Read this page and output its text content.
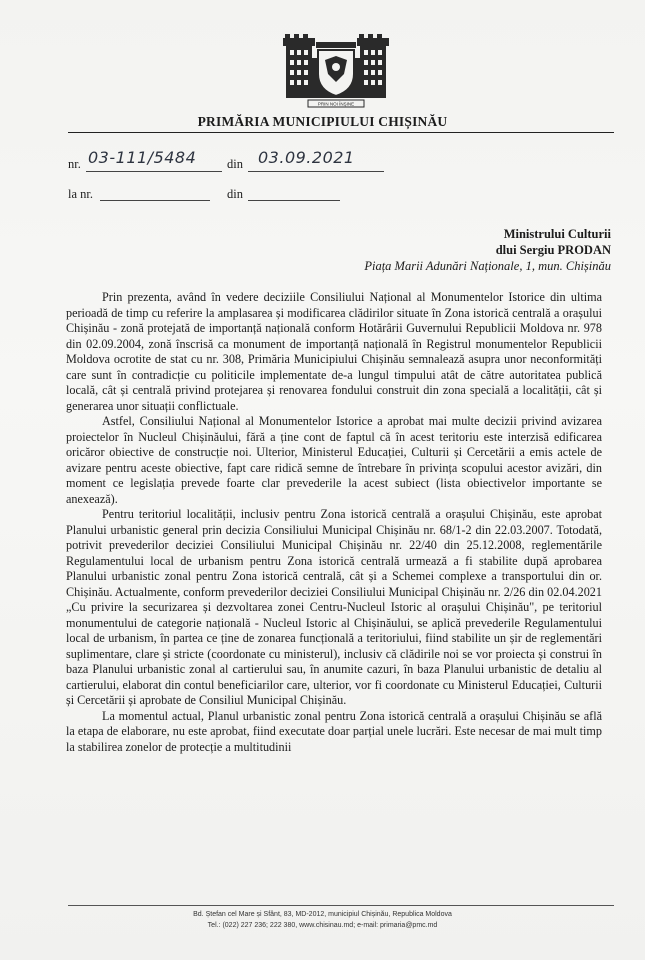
PRIN NOI ÎNȘINE
PRIMĂRIA MUNICIPIULUI CHIȘINĂU
nr. 03-111/5484 din 03.09.2021
la nr.	din
Ministrului Culturii
dlui Sergiu PRODAN
Piața Marii Adunări Naționale, 1, mun. Chișinău

Prin prezenta, având în vedere deciziile Consiliului Național al Monumentelor Istorice din ultima perioadă de timp cu referire la amplasarea și modificarea clădirilor situate în Zona istorică centrală a orașului Chișinău - zonă protejată de importanță națională conform Hotărârii Guvernului Republicii Moldova nr. 978 din 02.09.2004, zonă înscrisă ca monument de importanță națională în Registrul monumentelor Republicii Moldova ocrotite de stat cu nr. 308, Primăria Municipiului Chișinău semnalează asupra unor neconformități care sunt în contradicție cu politicile implementate de-a lungul timpului atât de către autoritatea publică locală, cât și centrală privind protejarea și renovarea fondului construit din zona specială a localității, cât și generarea unor situații conflictuale.

Astfel, Consiliului Național al Monumentelor Istorice a aprobat mai multe decizii privind avizarea proiectelor în Nucleul Chișinăului, fără a ține cont de faptul că în acest teritoriu este interzisă edificarea oricăror obiective de construcție noi. Ulterior, Ministerul Educației, Culturii și Cercetării a emis actele de avizare pentru aceste obiective, fapt care ridică semne de întrebare în privința scopului acestor avizări, din moment ce legislația prevede foarte clar prevederile la acest subiect (lista obiectivelor importante se anexează).

Pentru teritoriul localității, inclusiv pentru Zona istorică centrală a orașului Chișinău, este aprobat Planului urbanistic general prin decizia Consiliului Municipal Chișinău nr. 68/1-2 din 22.03.2007. Totodată, potrivit prevederilor deciziei Consiliului Municipal Chișinău nr. 22/40 din 25.12.2008, reglementările Regulamentului local de urbanism pentru Zona istorică centrală urmează a fi stabilite după aprobarea Planului urbanistic zonal pentru Zona istorică centrală, cât și a Schemei complexe a transportului din or. Chișinău. Actualmente, conform prevederilor deciziei Consiliului Municipal Chișinău nr. 2/26 din 02.04.2021 „Cu privire la securizarea și dezvoltarea zonei Centru-Nucleul Istoric al orașului Chișinău", pe teritoriul monumentului de categorie națională - Nucleul Istoric al Chișinăului, se aplică prevederile Regulamentului local de urbanism, în partea ce ține de zonarea funcțională a teritoriului, fiind stabilite un șir de reglementări suplimentare, clare și stricte (coordonate cu ministerul), inclusiv că clădirile noi se vor proiecta și construi în baza Planului urbanistic zonal al cartierului sau, în anumite cazuri, în baza Planului urbanistic de detaliu al cartierului, elaborat din contul beneficiarilor care, ulterior, vor fi coordonate cu Ministerul Educației, Culturii și Cercetării și aprobate de Consiliul Municipal Chișinău.

La momentul actual, Planul urbanistic zonal pentru Zona istorică centrală a orașului Chișinău se află la etapa de elaborare, nu este aprobat, fiind executate doar parțial unele lucrări. Este necesar de mai mult timp la stabilirea zonelor de protecție a multitudinii

Bd. Ștefan cel Mare și Sfânt, 83, MD-2012, municipiul Chișinău, Republica Moldova
Tel.: (022) 227 236; 222 380, www.chisinau.md; e-mail: primaria@pmc.md
